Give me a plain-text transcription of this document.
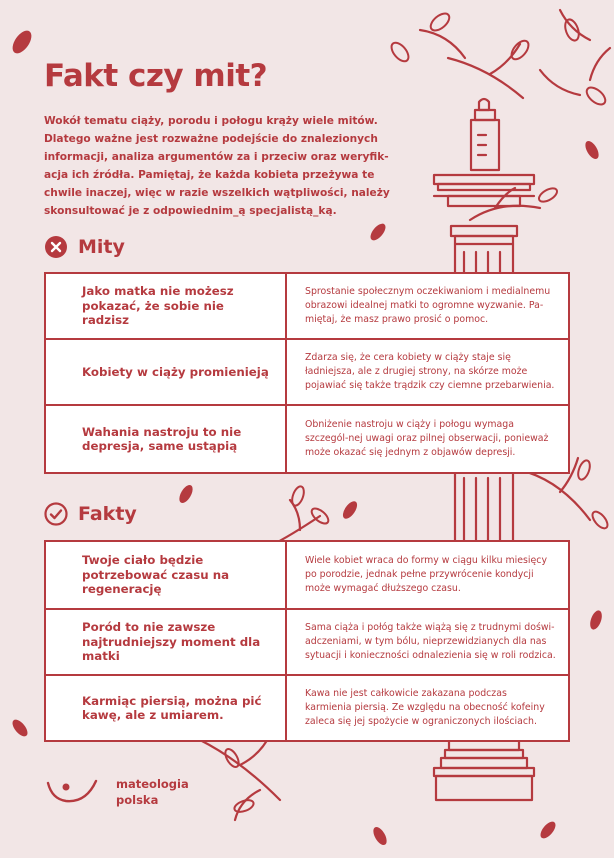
Fakt czy mit?

Wokół tematu ciąży, porodu i połogu krąży wiele mitów. Dlatego ważne jest rozważne podejście do znalezionych informacji, analiza argumentów za i przeciw oraz weryfik-acja ich źródła. Pamiętaj, że każda kobieta przeżywa te chwile inaczej, więc w razie wszelkich wątpliwości, należy skonsultować je z odpowiednim_ą specjalistą_ką.

Mity
Jako matka nie możesz pokazać, że sobie nie radzisz	Sprostanie społecznym oczekiwaniom i medialnemu obrazowi idealnej matki to ogromne wyzwanie. Pa-miętaj, że masz prawo prosić o pomoc.
Kobiety w ciąży promienieją	Zdarza się, że cera kobiety w ciąży staje się ładniejsza, ale z drugiej strony, na skórze może pojawiać się także trądzik czy ciemne przebarwienia.
Wahania nastroju to nie depresja, same ustąpią	Obniżenie nastroju w ciąży i połogu wymaga szczegól-nej uwagi oraz pilnej obserwacji, ponieważ może okazać się jednym z objawów depresji.
Fakty
Twoje ciało będzie potrzebować czasu na regenerację	Wiele kobiet wraca do formy w ciągu kilku miesięcy po porodzie, jednak pełne przywrócenie kondycji może wymagać dłuższego czasu.
Poród to nie zawsze najtrudniejszy moment dla matki	Sama ciąża i połóg także wiążą się z trudnymi doświ-adczeniami, w tym bólu, nieprzewidzianych dla nas sytuacji i konieczności odnalezienia się w roli rodzica.
Karmiąc piersią, można pić kawę, ale z umiarem.	Kawa nie jest całkowicie zakazana podczas karmienia piersią. Ze względu na obecność kofeiny zaleca się jej spożycie w ograniczonych ilościach.
mateologia
polska
